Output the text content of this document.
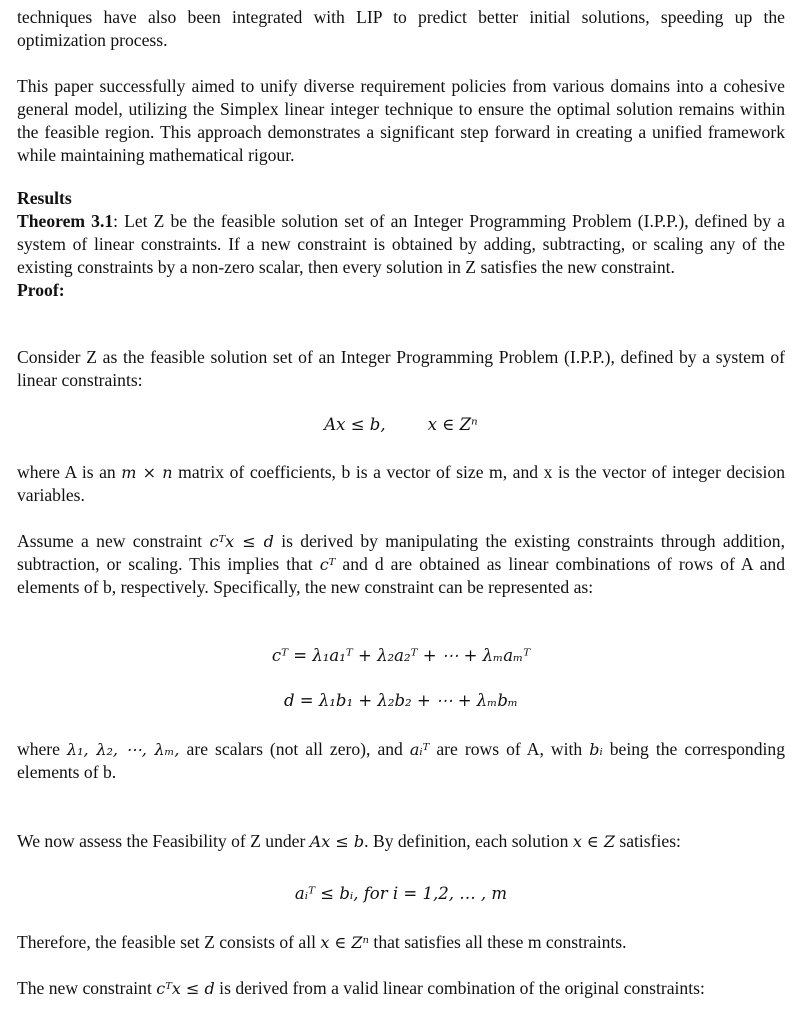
techniques have also been integrated with LIP to predict better initial solutions, speeding up the

optimization process.

This paper successfully aimed to unify diverse requirement policies from various domains into a cohesive general model, utilizing the Simplex linear integer technique to ensure the optimal solution remains within the feasible region. This approach demonstrates a significant step forward in creating a unified framework while maintaining mathematical rigour.

Results

Theorem 3.1: Let Z be the feasible solution set of an Integer Programming Problem (I.P.P.), defined by a system of linear constraints. If a new constraint is obtained by adding, subtracting, or scaling any of the existing constraints by a non-zero scalar, then every solution in Z satisfies the new constraint.

Proof:

Consider Z as the feasible solution set of an Integer Programming Problem (I.P.P.), defined by a system of linear constraints:

Ax ≤ b,        x ∈ Zⁿ

where A is an m × n matrix of coefficients, b is a vector of size m, and x is the vector of integer decision variables.

Assume a new constraint cᵀx ≤ d is derived by manipulating the existing constraints through addition, subtraction, or scaling. This implies that cᵀ and d are obtained as linear combinations of rows of A and elements of b, respectively. Specifically, the new constraint can be represented as:

cᵀ = λ₁a₁ᵀ + λ₂a₂ᵀ + ⋯ + λₘaₘᵀ
d = λ₁b₁ + λ₂b₂ + ⋯ + λₘbₘ

where λ₁, λ₂, ⋯, λₘ, are scalars (not all zero), and aᵢᵀ are rows of A, with bᵢ being the corresponding elements of b.

We now assess the Feasibility of Z under Ax ≤ b. By definition, each solution x ∈ Z satisfies:

aᵢᵀ ≤ bᵢ, for i = 1,2, … , m

Therefore, the feasible set Z consists of all x ∈ Zⁿ that satisfies all these m constraints.

The new constraint cᵀx ≤ d is derived from a valid linear combination of the original constraints:
